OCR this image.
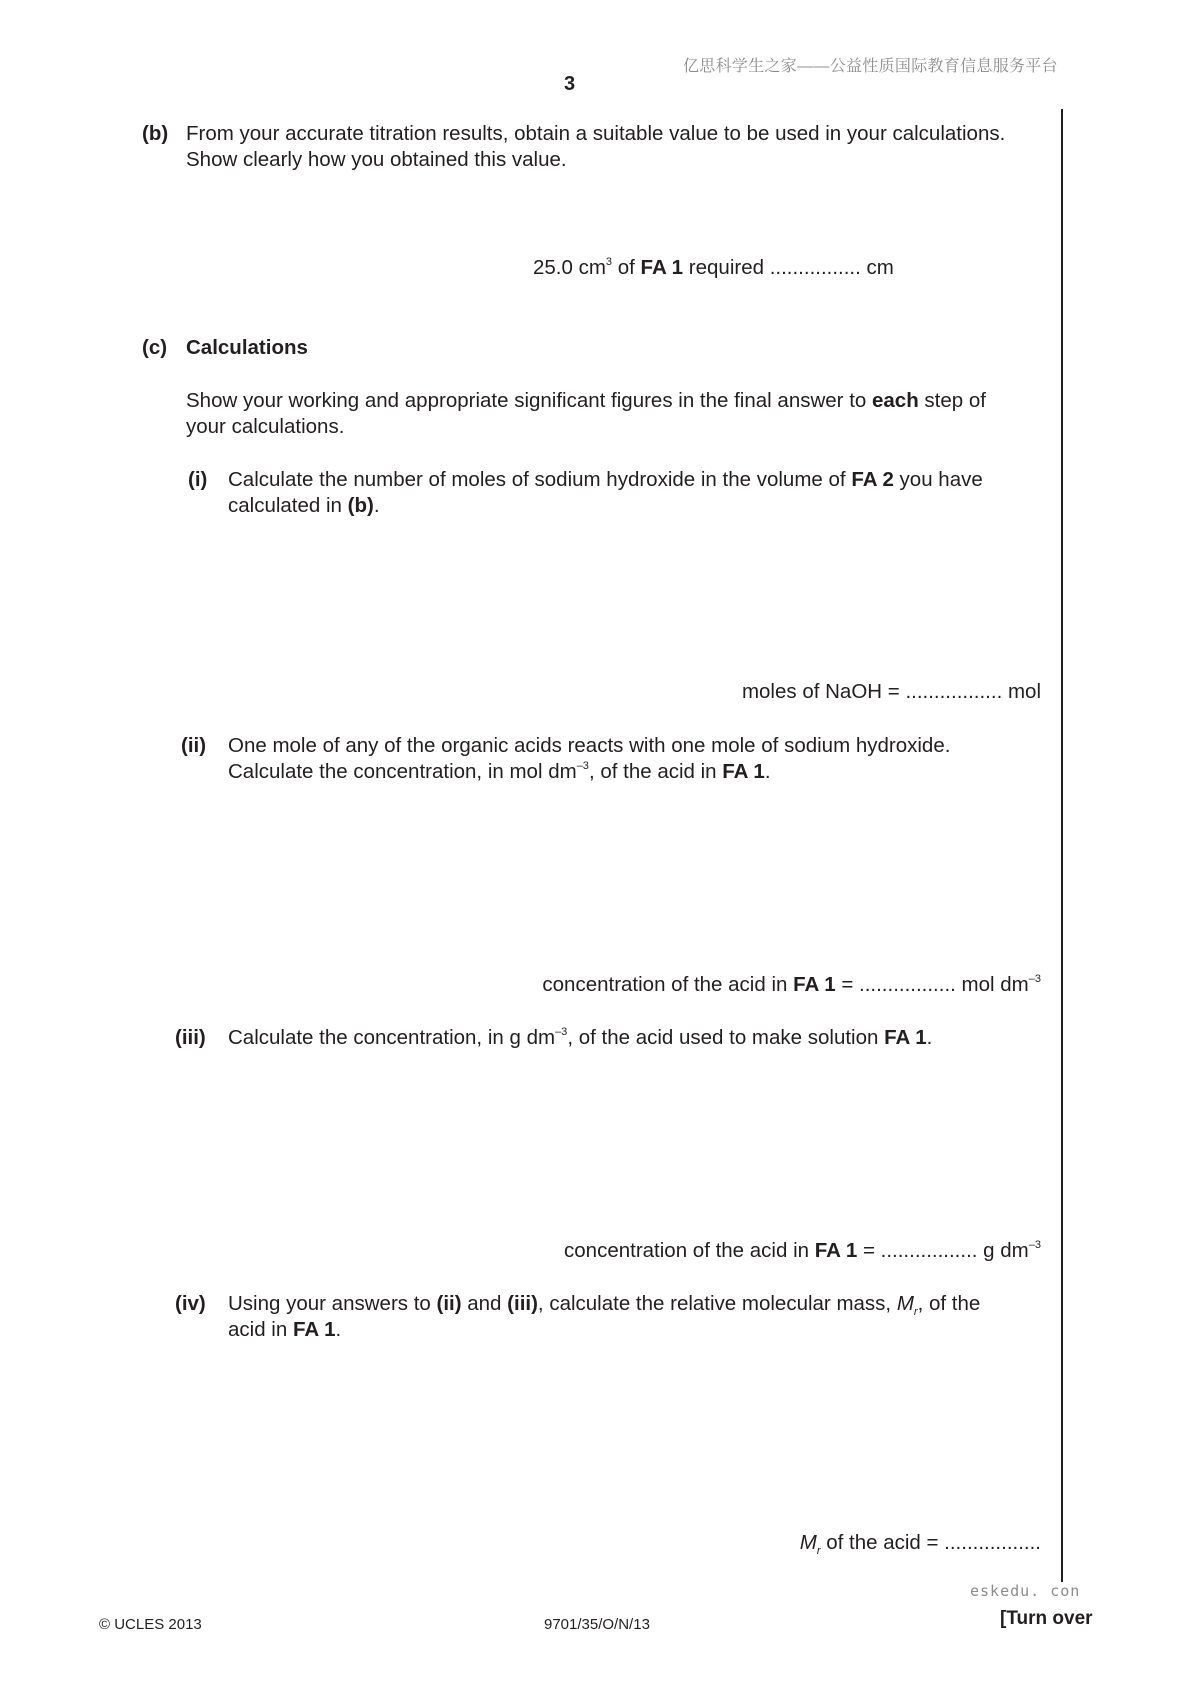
亿思科学生之家——公益性质国际教育信息服务平台
3
(b) From your accurate titration results, obtain a suitable value to be used in your calculations.
Show clearly how you obtained this value.
25.0 $cm^3$ of FA 1 required ................ cm
(c) Calculations
Show your working and appropriate significant figures in the final answer to each step of
your calculations.
(i) Calculate the number of moles of sodium hydroxide in the volume of FA 2 you have
calculated in (b).
moles of NaOH = ................. mol
(ii) One mole of any of the organic acids reacts with one mole of sodium hydroxide.
Calculate the concentration, in mol $dm^{-3}$, of the acid in FA 1.
concentration of the acid in FA 1 = ................. mol $dm^{-3}$
(iii) Calculate the concentration, in g $dm^{-3}$, of the acid used to make solution FA 1.
concentration of the acid in FA 1 = ................. g $dm^{-3}$
(iv) Using your answers to (ii) and (iii), calculate the relative molecular mass, $M_r$, of the
acid in FA 1.
$M_r$ of the acid = .................
eskedu. con
© UCLES 2013	9701/35/O/N/13	[Turn over
